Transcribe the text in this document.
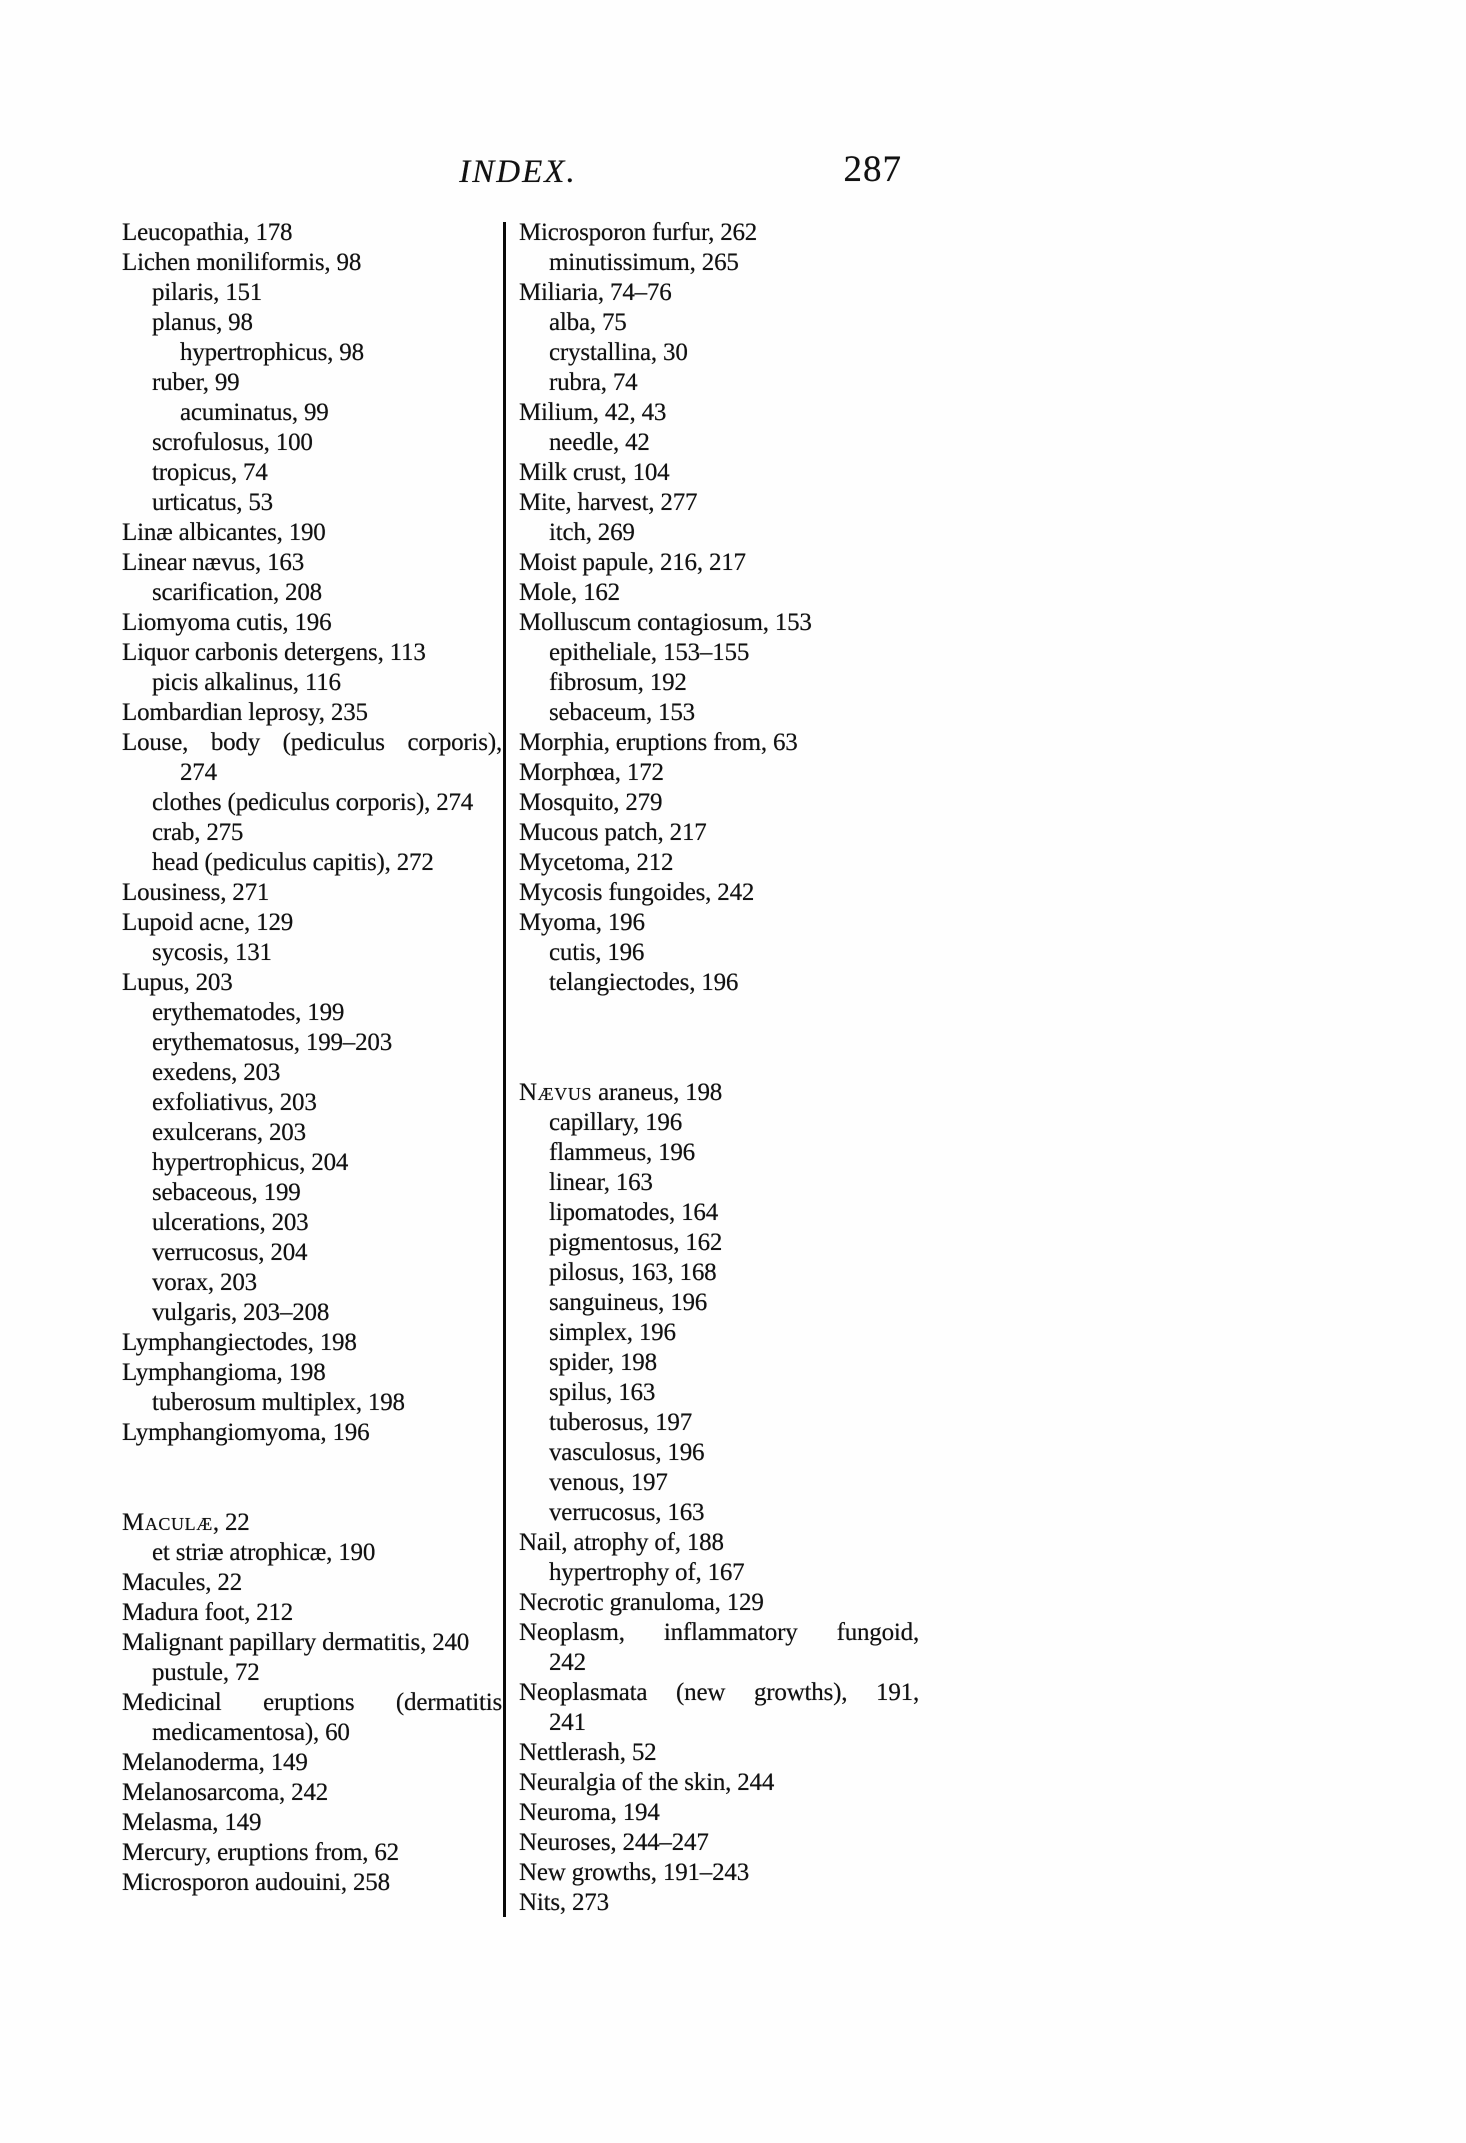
INDEX.	287
Leucopathia, 178
Lichen moniliformis, 98
pilaris, 151
planus, 98
hypertrophicus, 98
ruber, 99
acuminatus, 99
scrofulosus, 100
tropicus, 74
urticatus, 53
Linæ albicantes, 190
Linear nævus, 163
scarification, 208
Liomyoma cutis, 196
Liquor carbonis detergens, 113
picis alkalinus, 116
Lombardian leprosy, 235
Louse, body (pediculus corporis),
274
clothes (pediculus corporis), 274
crab, 275
head (pediculus capitis), 272
Lousiness, 271
Lupoid acne, 129
sycosis, 131
Lupus, 203
erythematodes, 199
erythematosus, 199–203
exedens, 203
exfoliativus, 203
exulcerans, 203
hypertrophicus, 204
sebaceous, 199
ulcerations, 203
verrucosus, 204
vorax, 203
vulgaris, 203–208
Lymphangiectodes, 198
Lymphangioma, 198
tuberosum multiplex, 198
Lymphangiomyoma, 196
Maculæ, 22
et striæ atrophicæ, 190
Macules, 22
Madura foot, 212
Malignant papillary dermatitis, 240
pustule, 72
Medicinal eruptions (dermatitis
medicamentosa), 60
Melanoderma, 149
Melanosarcoma, 242
Melasma, 149
Mercury, eruptions from, 62
Microsporon audouini, 258
Microsporon furfur, 262
minutissimum, 265
Miliaria, 74–76
alba, 75
crystallina, 30
rubra, 74
Milium, 42, 43
needle, 42
Milk crust, 104
Mite, harvest, 277
itch, 269
Moist papule, 216, 217
Mole, 162
Molluscum contagiosum, 153
epitheliale, 153–155
fibrosum, 192
sebaceum, 153
Morphia, eruptions from, 63
Morphœa, 172
Mosquito, 279
Mucous patch, 217
Mycetoma, 212
Mycosis fungoides, 242
Myoma, 196
cutis, 196
telangiectodes, 196
Nævus araneus, 198
capillary, 196
flammeus, 196
linear, 163
lipomatodes, 164
pigmentosus, 162
pilosus, 163, 168
sanguineus, 196
simplex, 196
spider, 198
spilus, 163
tuberosus, 197
vasculosus, 196
venous, 197
verrucosus, 163
Nail, atrophy of, 188
hypertrophy of, 167
Necrotic granuloma, 129
Neoplasm, inflammatory fungoid,
242
Neoplasmata (new growths), 191,
241
Nettlerash, 52
Neuralgia of the skin, 244
Neuroma, 194
Neuroses, 244–247
New growths, 191–243
Nits, 273
